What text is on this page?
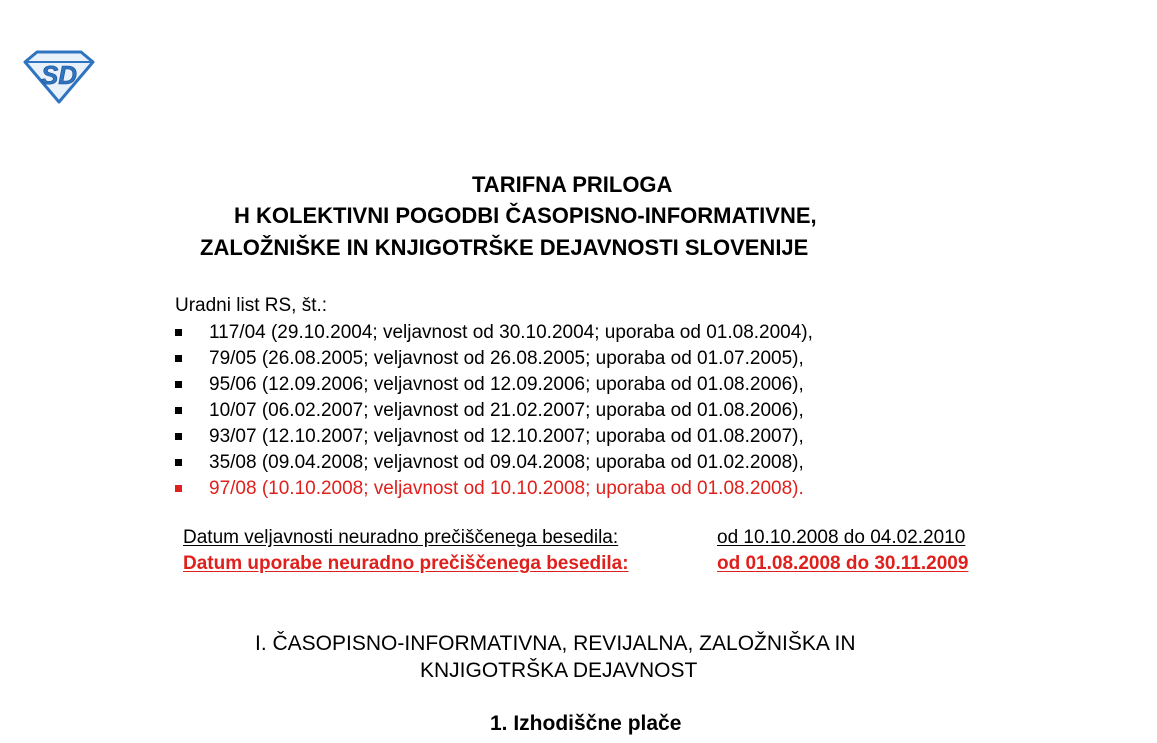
SD
TARIFNA PRILOGA
H KOLEKTIVNI POGODBI ČASOPISNO-INFORMATIVNE,
ZALOŽNIŠKE IN KNJIGOTRŠKE DEJAVNOSTI SLOVENIJE
Uradni list RS, št.:
117/04 (29.10.2004; veljavnost od 30.10.2004; uporaba od 01.08.2004),
79/05 (26.08.2005; veljavnost od 26.08.2005; uporaba od 01.07.2005),
95/06 (12.09.2006; veljavnost od 12.09.2006; uporaba od 01.08.2006),
10/07 (06.02.2007; veljavnost od 21.02.2007; uporaba od 01.08.2006),
93/07 (12.10.2007; veljavnost od 12.10.2007; uporaba od 01.08.2007),
35/08 (09.04.2008; veljavnost od 09.04.2008; uporaba od 01.02.2008),
97/08 (10.10.2008; veljavnost od 10.10.2008; uporaba od 01.08.2008).
Datum veljavnosti neuradno prečiščenega besedila:	od 10.10.2008 do 04.02.2010
Datum uporabe neuradno prečiščenega besedila:	od 01.08.2008 do 30.11.2009
I. ČASOPISNO-INFORMATIVNA, REVIJALNA, ZALOŽNIŠKA IN
KNJIGOTRŠKA DEJAVNOST
1. Izhodiščne plače
